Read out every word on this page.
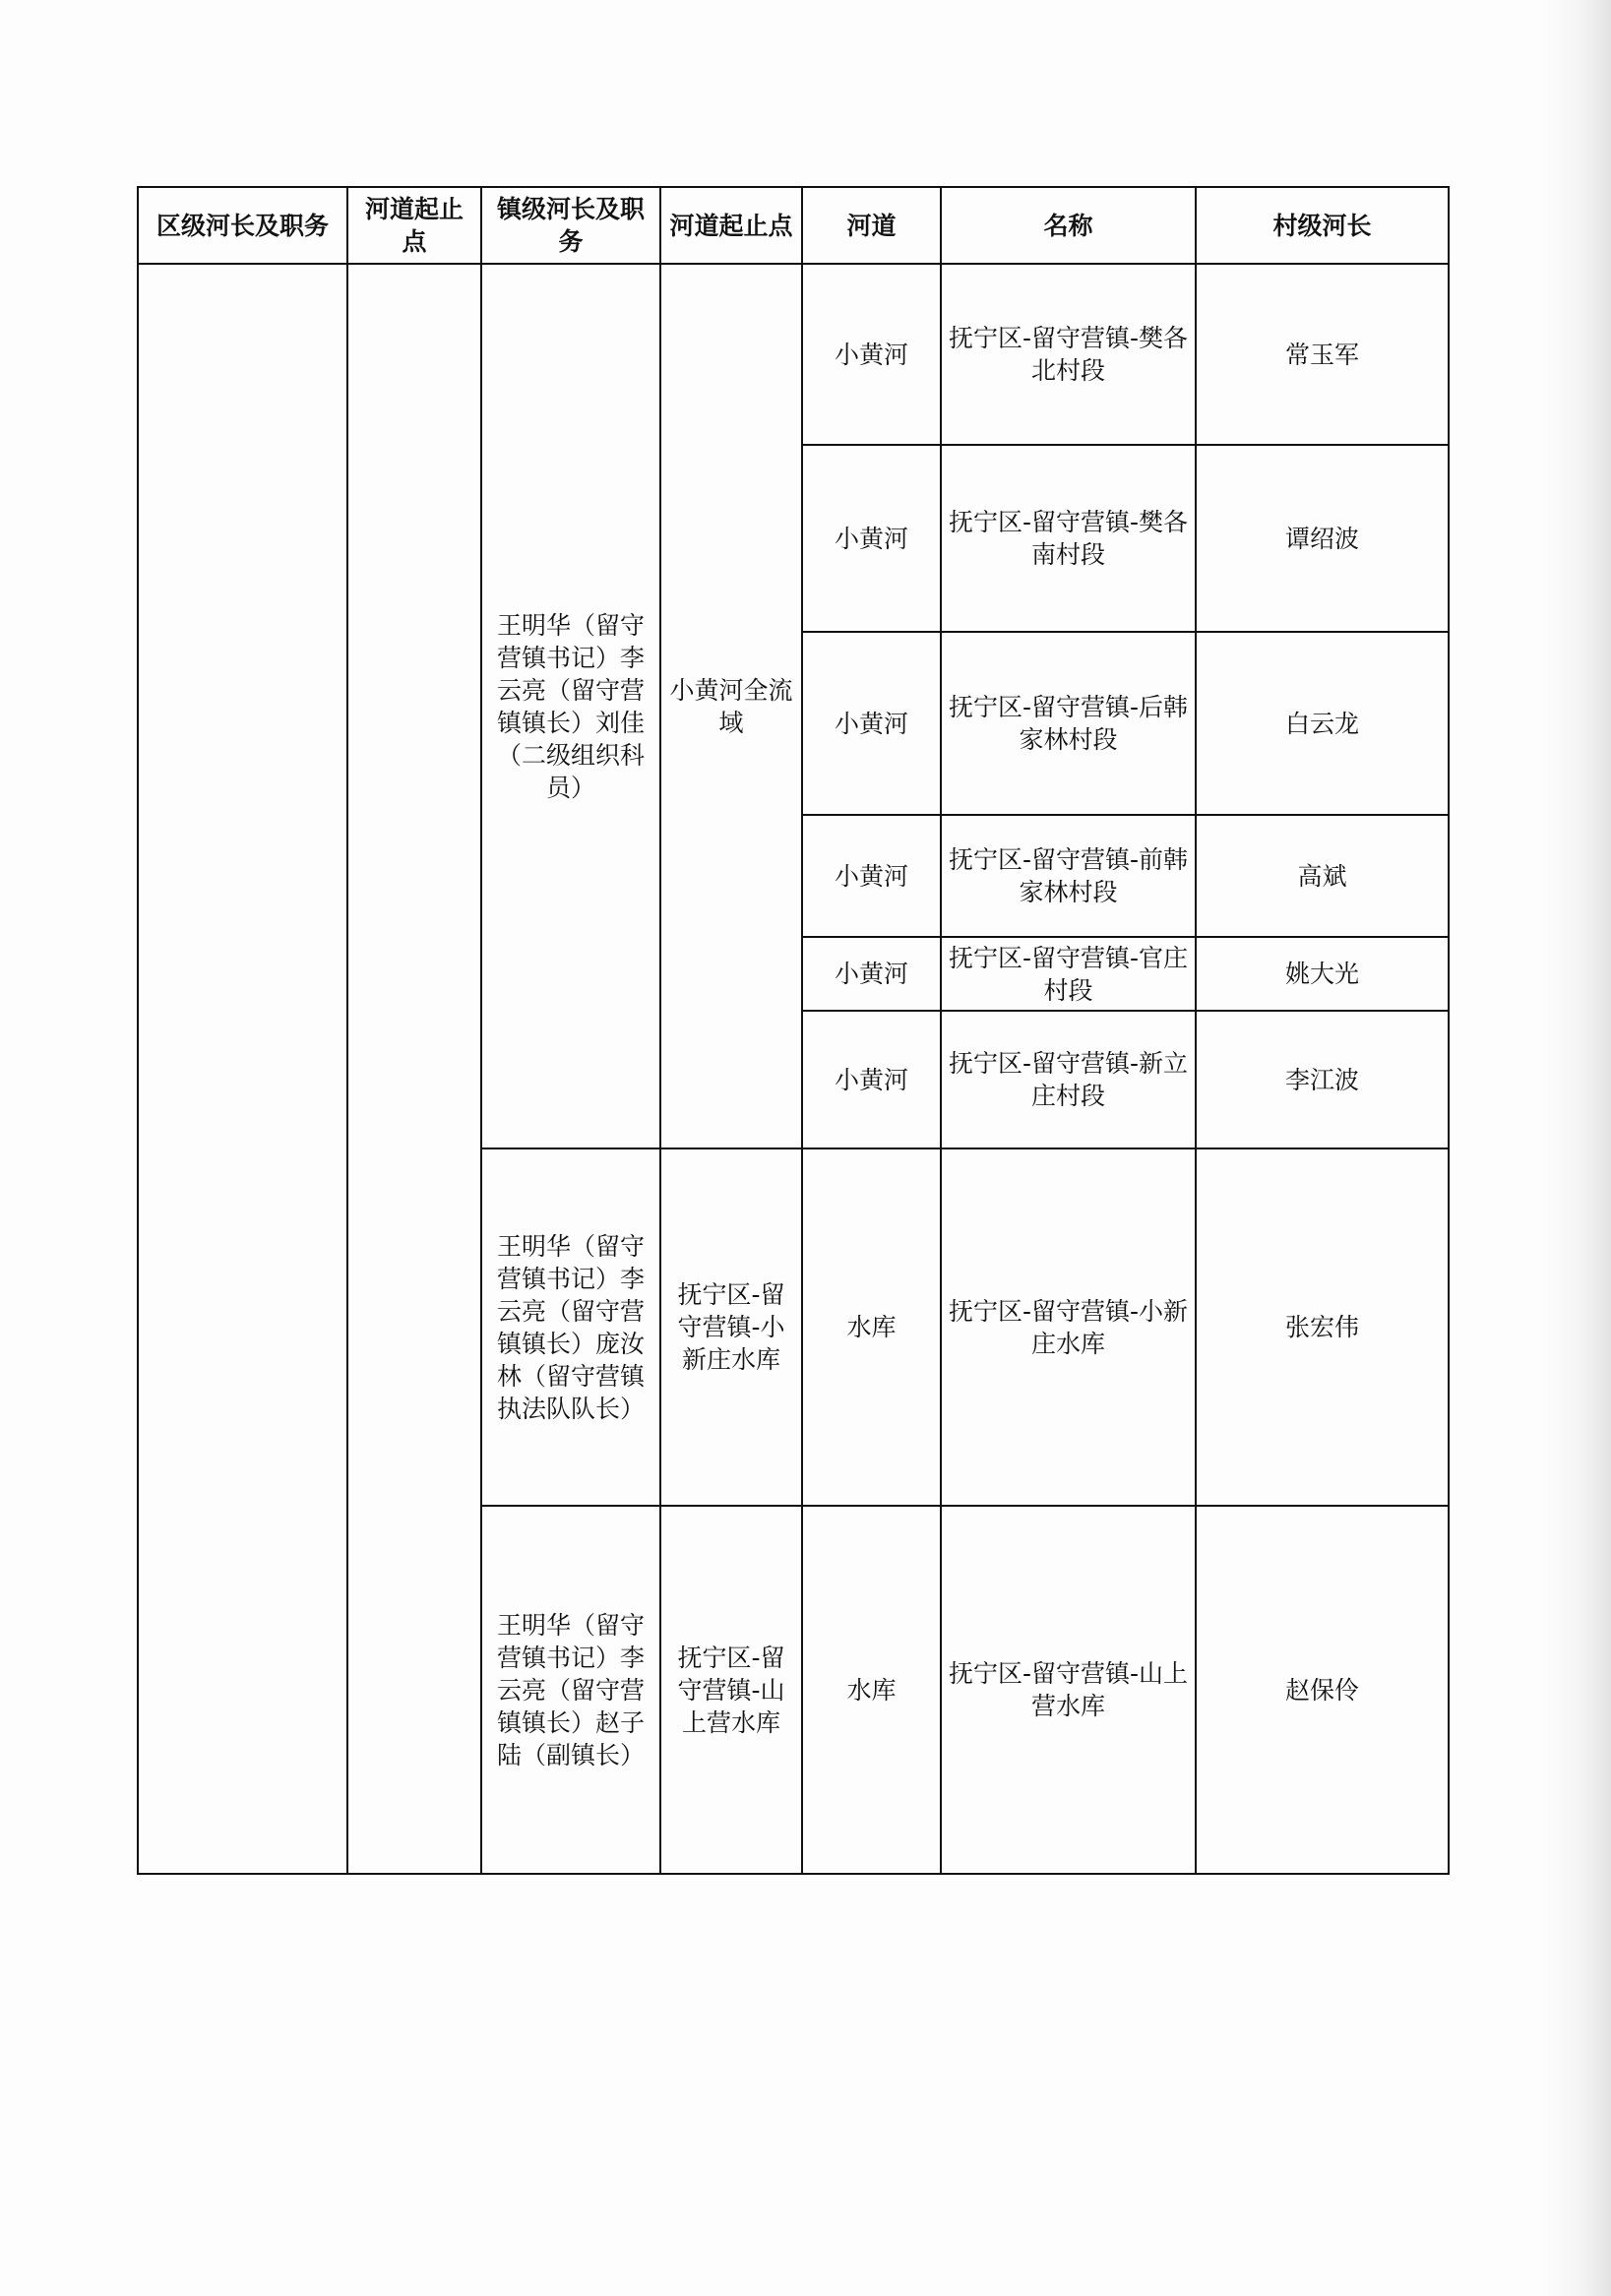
区级河长及职务	河道起止点	镇级河长及职务	河道起止点	河道	名称	村级河长
		王明华（留守营镇书记）李云亮（留守营镇镇长）刘佳（二级组织科员）	小黄河全流域	小黄河	抚宁区-留守营镇-樊各北村段	常玉军
				小黄河	抚宁区-留守营镇-樊各南村段	谭绍波
				小黄河	抚宁区-留守营镇-后韩家林村段	白云龙
				小黄河	抚宁区-留守营镇-前韩家林村段	高斌
				小黄河	抚宁区-留守营镇-官庄村段	姚大光
				小黄河	抚宁区-留守营镇-新立庄村段	李江波
		王明华（留守营镇书记）李云亮（留守营镇镇长）庞汝林（留守营镇执法队队长）	抚宁区-留守营镇-小新庄水库	水库	抚宁区-留守营镇-小新庄水库	张宏伟
		王明华（留守营镇书记）李云亮（留守营镇镇长）赵子陆（副镇长）	抚宁区-留守营镇-山上营水库	水库	抚宁区-留守营镇-山上营水库	赵保伶
